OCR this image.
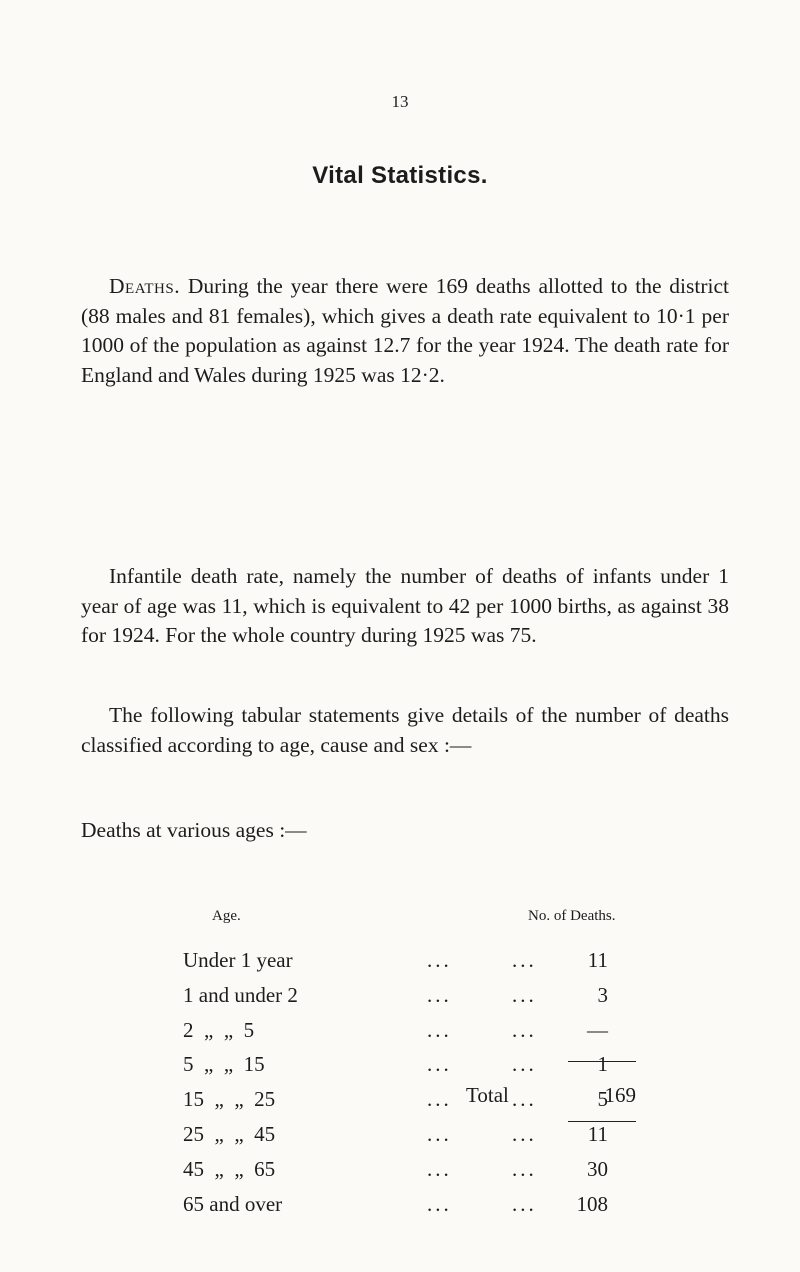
13
Vital Statistics.

Deaths. During the year there were 169 deaths allotted to the district (88 males and 81 females), which gives a death rate equivalent to 10·1 per 1000 of the population as against 12.7 for the year 1924. The death rate for England and Wales during 1925 was 12·2.

Infantile death rate, namely the number of deaths of infants under 1 year of age was 11, which is equivalent to 42 per 1000 births, as against 38 for 1924. For the whole country during 1925 was 75.

The following tabular statements give details of the number of deaths classified according to age, cause and sex :—

Deaths at various ages :—
Age.	No. of Deaths.
Under 1 year	...	...	11
1 and under 2	...	...	3
2  „  „  5	...	...	—
5  „  „  15	...	...	1
15  „  „  25	...	...	5
25  „  „  45	...	...	11
45  „  „  65	...	...	30
65 and over	...	...	108
Total	169
